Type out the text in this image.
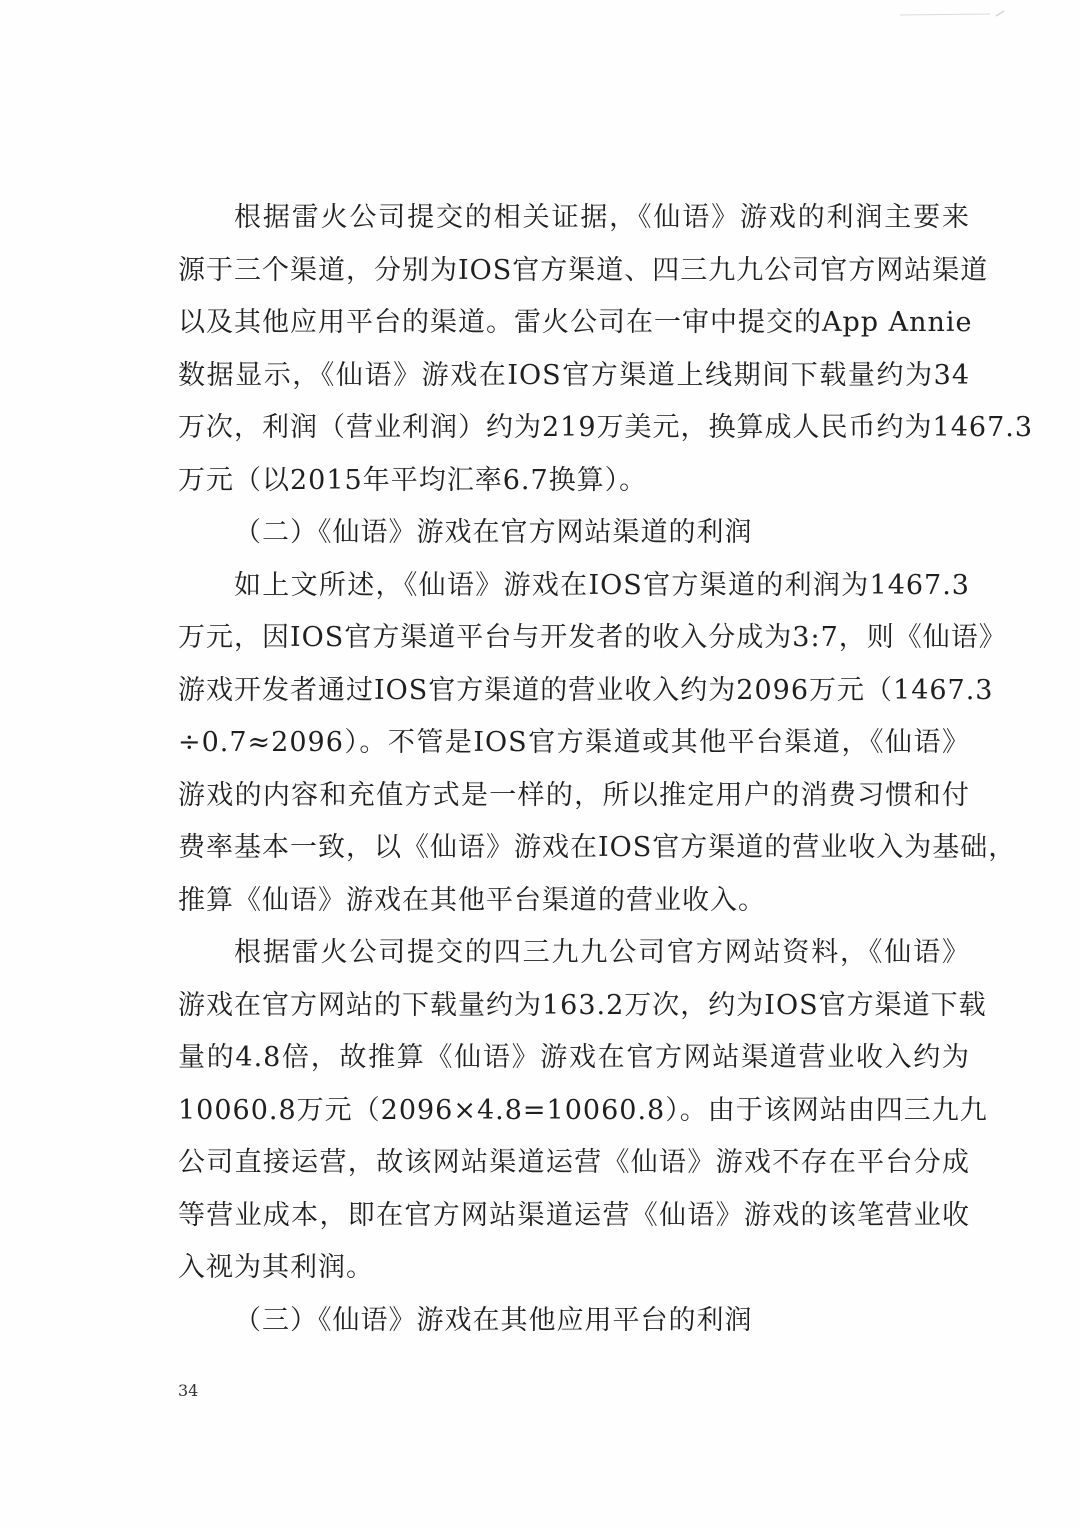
根据雷火公司提交的相关证据，《仙语》游戏的利润主要来
源于三个渠道，分别为IOS官方渠道、四三九九公司官方网站渠道
以及其他应用平台的渠道。雷火公司在一审中提交的App Annie
数据显示，《仙语》游戏在IOS官方渠道上线期间下载量约为34
万次，利润（营业利润）约为219万美元，换算成人民币约为1467.3
万元（以2015年平均汇率6.7换算）。
（二）《仙语》游戏在官方网站渠道的利润
如上文所述，《仙语》游戏在IOS官方渠道的利润为1467.3
万元，因IOS官方渠道平台与开发者的收入分成为3:7，则《仙语》
游戏开发者通过IOS官方渠道的营业收入约为2096万元（1467.3
÷0.7≈2096）。不管是IOS官方渠道或其他平台渠道，《仙语》
游戏的内容和充值方式是一样的，所以推定用户的消费习惯和付
费率基本一致，以《仙语》游戏在IOS官方渠道的营业收入为基础，
推算《仙语》游戏在其他平台渠道的营业收入。
根据雷火公司提交的四三九九公司官方网站资料，《仙语》
游戏在官方网站的下载量约为163.2万次，约为IOS官方渠道下载
量的4.8倍，故推算《仙语》游戏在官方网站渠道营业收入约为
10060.8万元（2096×4.8=10060.8）。由于该网站由四三九九
公司直接运营，故该网站渠道运营《仙语》游戏不存在平台分成
等营业成本，即在官方网站渠道运营《仙语》游戏的该笔营业收
入视为其利润。
（三）《仙语》游戏在其他应用平台的利润
34
